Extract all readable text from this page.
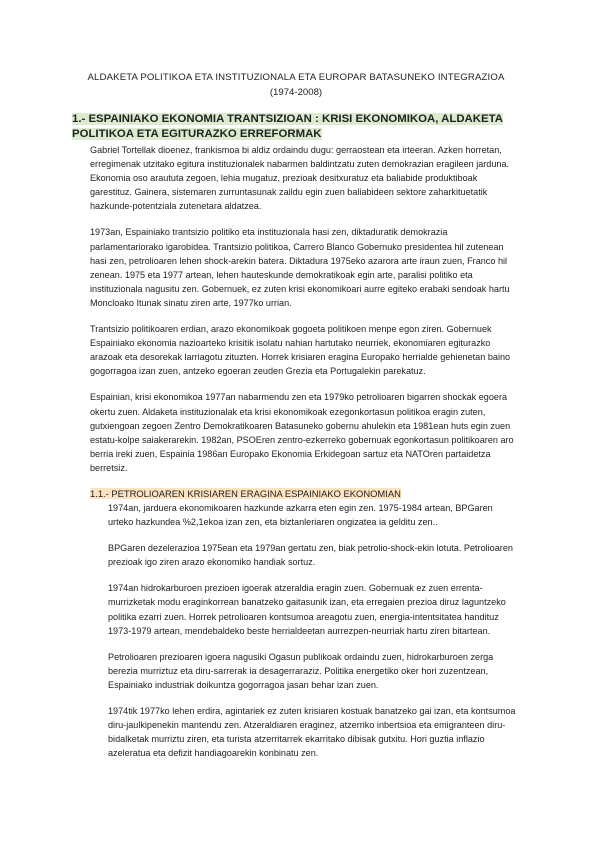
ALDAKETA POLITIKOA ETA INSTITUZIONALA ETA EUROPAR BATASUNEKO INTEGRAZIOA

(1974-2008)

1.- ESPAINIAKO EKONOMIA TRANTSIZIOAN : KRISI EKONOMIKOA, ALDAKETA
POLITIKOA ETA EGITURAZKO ERREFORMAK

Gabriel Tortellak dioenez, frankismoa bi aldiz ordaindu dugu: gerraostean eta irteeran. Azken horretan, erregimenak utzitako egitura instituzionalek nabarmen baldintzatu zuten demokrazian eragileen jarduna. Ekonomia oso araututa zegoen, lehia mugatuz, prezioak desitxuratuz eta baliabide produktiboak garestituz. Gainera, sistemaren zurruntasunak zaildu egin zuen baliabideen sektore zaharkituetatik hazkunde-potentziala zutenetara aldatzea.

1973an, Espainiako trantsizio politiko eta instituzionala hasi zen, diktaduratik demokrazia parlamentariorako igarobidea. Trantsizio politikoa, Carrero Blanco Gobernuko presidentea hil zutenean hasi zen, petrolioaren lehen shock-arekin batera. Diktadura 1975eko azarora arte iraun zuen, Franco hil zenean. 1975 eta 1977 artean, lehen hauteskunde demokratikoak egin arte, paralisi politiko eta instituzionala nagusitu zen. Gobernuek, ez zuten krisi ekonomikoari aurre egiteko erabaki sendoak hartu Moncloako Itunak sinatu ziren arte, 1977ko urrian.

Trantsizio politikoaren erdian, arazo ekonomikoak gogoeta politikoen menpe egon ziren. Gobernuek Espainiako ekonomia nazioarteko krisitik isolatu nahian hartutako neurriek, ekonomiaren egiturazko arazoak eta desorekak larriagotu zituzten. Horrek krisiaren eragina Europako herrialde gehienetan baino gogorragoa izan zuen, antzeko egoeran zeuden Grezia eta Portugalekin parekatuz.

Espainian, krisi ekonomikoa 1977an nabarmendu zen eta 1979ko petrolioaren bigarren shockak egoera okertu zuen. Aldaketa instituzionalak eta krisi ekonomikoak ezegonkortasun politikoa eragin zuten, gutxiengoan zegoen Zentro Demokratikoaren Batasuneko gobernu ahulekin eta 1981ean huts egin zuen estatu-kolpe saiakerarekin. 1982an, PSOEren zentro-ezkerreko gobernuak egonkortasun politikoaren aro berria ireki zuen, Espainia 1986an Europako Ekonomia Erkidegoan sartuz eta NATOren partaidetza berretsiz.

1.1.- PETROLIOAREN KRISIAREN ERAGINA ESPAINIAKO EKONOMIAN

1974an, jarduera ekonomikoaren hazkunde azkarra eten egin zen. 1975-1984 artean, BPGaren urteko hazkundea %2,1ekoa izan zen, eta biztanleriaren ongizatea ia gelditu zen..

BPGaren dezelerazioa 1975ean eta 1979an gertatu zen, biak petrolio-shock-ekin lotuta. Petrolioaren prezioak igo ziren arazo ekonomiko handiak sortuz.

1974an hidrokarburoen prezioen igoerak atzeraldia eragin zuen. Gobernuak ez zuen errenta-murrizketak modu eraginkorrean banatzeko gaitasunik izan, eta erregaien prezioa diruz laguntzeko politika ezarri zuen. Horrek petrolioaren kontsumoa areagotu zuen, energia-intentsitatea handituz 1973-1979 artean, mendebaldeko beste herrialdeetan aurrezpen-neurriak hartu ziren bitartean.

Petrolioaren prezioaren igoera nagusiki Ogasun publikoak ordaindu zuen, hidrokarburoen zerga berezia murriztuz eta diru-sarrerak ia desagerraraziz. Politika energetiko oker hori zuzentzean, Espainiako industriak doikuntza gogorragoa jasan behar izan zuen.

1974tik 1977ko lehen erdira, agintariek ez zuten krisiaren kostuak banatzeko gai izan, eta kontsumoa diru-jaulkipenekin mantendu zen. Atzeraldiaren eraginez, atzerriko inbertsioa eta emigranteen diru-bidalketak murriztu ziren, eta turista atzerritarrek ekarritako dibisak gutxitu. Hori guztia inflazio azeleratua eta defizit handiagoarekin konbinatu zen.
